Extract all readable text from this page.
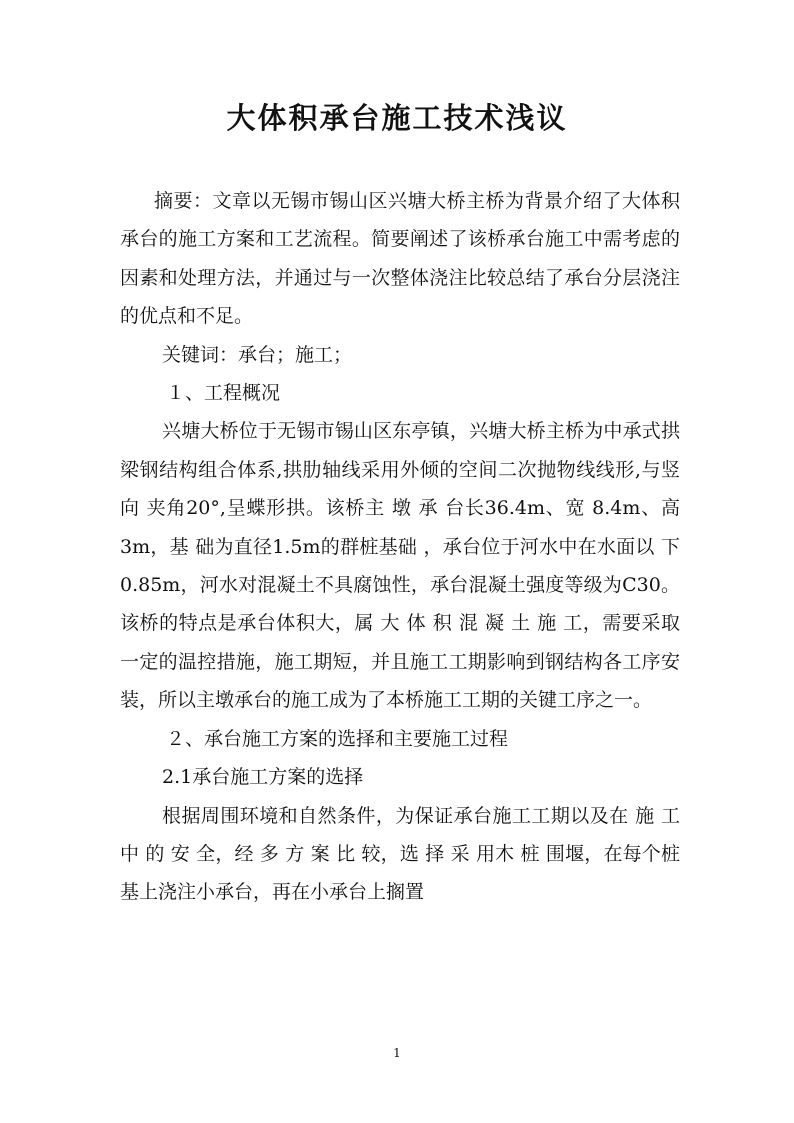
大体积承台施工技术浅议

摘要：文章以无锡市锡山区兴塘大桥主桥为背景介绍了大体积承台的施工方案和工艺流程。简要阐述了该桥承台施工中需考虑的因素和处理方法，并通过与一次整体浇注比较总结了承台分层浇注的优点和不足。

关键词：承台；施工；

１、工程概况

兴塘大桥位于无锡市锡山区东亭镇，兴塘大桥主桥为中承式拱梁钢结构组合体系,拱肋轴线采用外倾的空间二次抛物线线形,与竖向 夹角20°,呈蝶形拱。该桥主 墩 承 台长36.4m、宽 8.4m、高3m，基 础为直径1.5m的群桩基础 ，承台位于河水中在水面以 下0.85m，河水对混凝土不具腐蚀性，承台混凝土强度等级为C30。该桥的特点是承台体积大，属 大 体 积 混 凝 土 施 工，需要采取一定的温控措施，施工期短，并且施工工期影响到钢结构各工序安装，所以主墩承台的施工成为了本桥施工工期的关键工序之一。

２、承台施工方案的选择和主要施工过程

2.1承台施工方案的选择

根据周围环境和自然条件，为保证承台施工工期以及在 施 工 中 的 安 全，经 多 方 案 比 较，选 择 采 用木 桩 围堰，在每个桩基上浇注小承台，再在小承台上搁置

1
